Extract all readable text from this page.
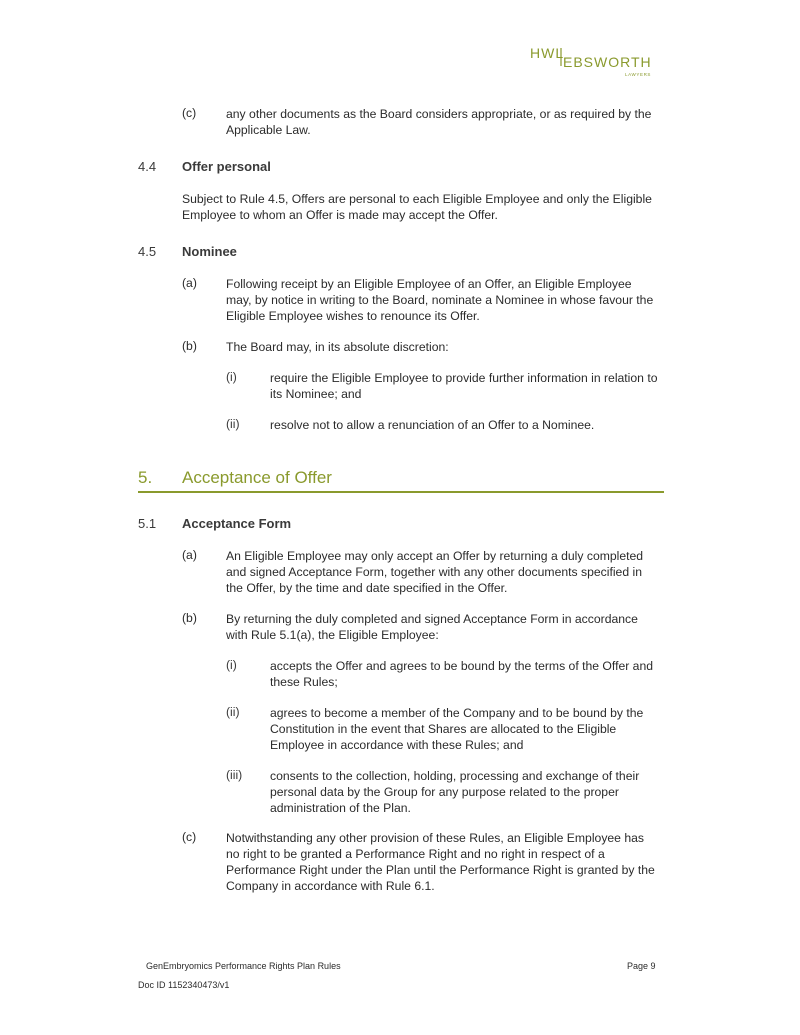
HWL
EBSWORTH
LAWYERS
(c) any other documents as the Board considers appropriate, or as required by the

Applicable Law.

4.4 Offer personal

Subject to Rule 4.5, Offers are personal to each Eligible Employee and only the Eligible

Employee to whom an Offer is made may accept the Offer.

4.5 Nominee
(a) Following receipt by an Eligible Employee of an Offer, an Eligible Employee

may, by notice in writing to the Board, nominate a Nominee in whose favour the

Eligible Employee wishes to renounce its Offer.

(b) The Board may, in its absolute discretion:

(i)	require the Eligible Employee to provide further information in relation to

its Nominee; and

(ii) resolve not to allow a renunciation of an Offer to a Nominee.

5. Acceptance of Offer
5.1 Acceptance Form
(a) An Eligible Employee may only accept an Offer by returning a duly completed

and signed Acceptance Form, together with any other documents specified in

the Offer, by the time and date specified in the Offer.

(b) By returning the duly completed and signed Acceptance Form in accordance

with Rule 5.1(a), the Eligible Employee:

(i)	accepts the Offer and agrees to be bound by the terms of the Offer and

these Rules;

(ii) agrees to become a member of the Company and to be bound by the

Constitution in the event that Shares are allocated to the Eligible

Employee in accordance with these Rules; and

(iii) consents to the collection, holding, processing and exchange of their

personal data by the Group for any purpose related to the proper

administration of the Plan.

(c) Notwithstanding any other provision of these Rules, an Eligible Employee has

no right to be granted a Performance Right and no right in respect of a

Performance Right under the Plan until the Performance Right is granted by the

Company in accordance with Rule 6.1.

GenEmbryomics Performance Rights Plan Rules	Page 9
Doc ID 1152340473/v1
